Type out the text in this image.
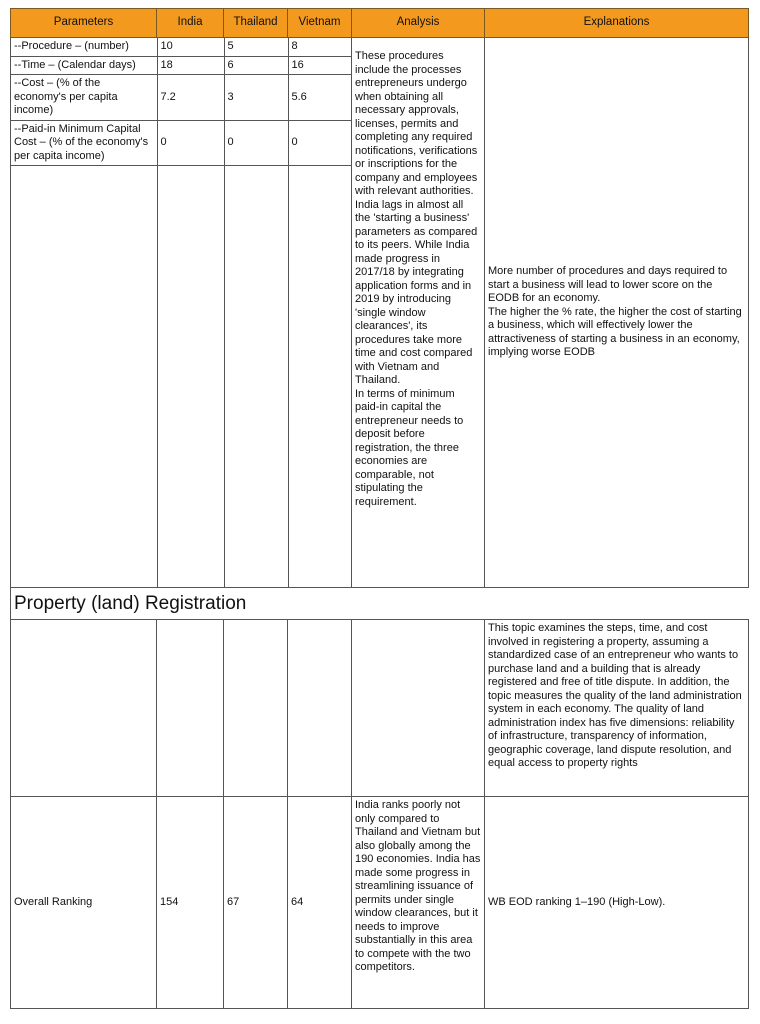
Parameters	India	Thailand	Vietnam	Analysis	Explanations

--Procedure – (number)	10	5	8
--Time – (Calendar days)	18	6	16
--Cost – (% of the economy's per capita income)	7.2	3	5.6
--Paid-in Minimum Capital Cost – (% of the economy's per capita income)	0	0	0

These procedures include the processes entrepreneurs undergo when obtaining all necessary approvals, licenses, permits and completing any required notifications, verifications or inscriptions for the company and employees with relevant authorities.
India lags in almost all the 'starting a business' parameters as compared to its peers. While India made progress in 2017/18 by integrating application forms and in 2019 by introducing 'single window clearances', its procedures take more time and cost compared with Vietnam and Thailand.
In terms of minimum paid-in capital the entrepreneur needs to deposit before registration, the three economies are comparable, not stipulating the requirement.

More number of procedures and days required to start a business will lead to lower score on the EODB for an economy.
The higher the % rate, the higher the cost of starting a business, which will effectively lower the attractiveness of starting a business in an economy, implying worse EODB

Property (land) Registration
					This topic examines the steps, time, and cost involved in registering a property, assuming a standardized case of an entrepreneur who wants to purchase land and a building that is already registered and free of title dispute. In addition, the topic measures the quality of the land administration system in each economy. The quality of land administration index has five dimensions: reliability of infrastructure, transparency of information, geographic coverage, land dispute resolution, and equal access to property rights
Overall Ranking	154	67	64	India ranks poorly not only compared to Thailand and Vietnam but also globally among the 190 economies. India has made some progress in streamlining issuance of permits under single window clearances, but it needs to improve substantially in this area to compete with the two competitors.	WB EOD ranking 1–190 (High-Low).
